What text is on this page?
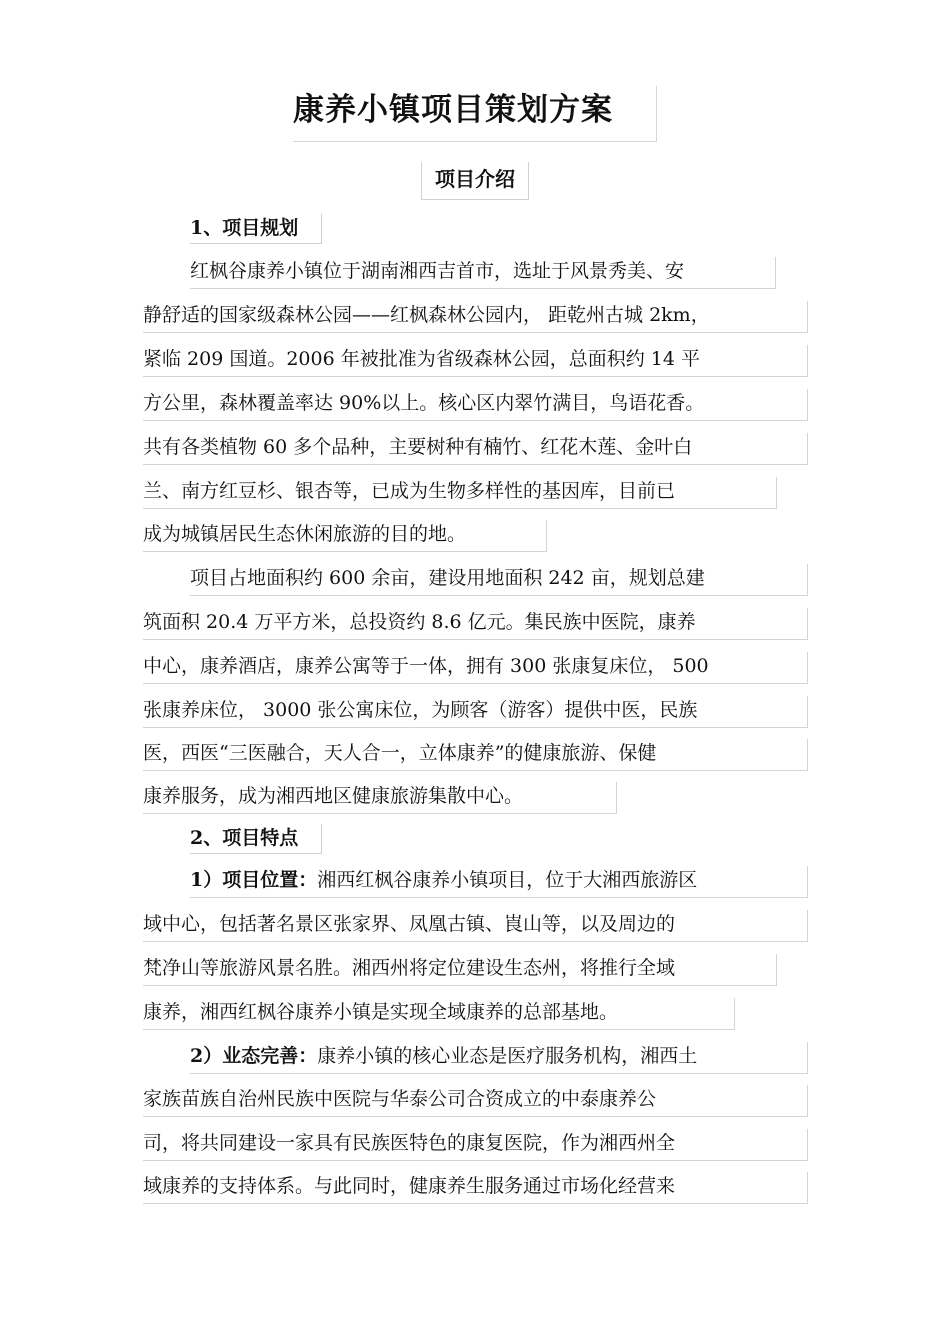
康养小镇项目策划方案
项目介绍
1、项目规划
红枫谷康养小镇位于湖南湘西吉首市，选址于风景秀美、安
静舒适的国家级森林公园——红枫森林公园内， 距乾州古城 2km，
紧临 209 国道。2006 年被批准为省级森林公园，总面积约 14 平
方公里，森林覆盖率达 90%以上。核心区内翠竹满目，鸟语花香。
共有各类植物 60 多个品种，主要树种有楠竹、红花木莲、金叶白
兰、南方红豆杉、银杏等，已成为生物多样性的基因库，目前已
成为城镇居民生态休闲旅游的目的地。
项目占地面积约 600 余亩，建设用地面积 242 亩，规划总建
筑面积 20.4 万平方米，总投资约 8.6 亿元。集民族中医院，康养
中心，康养酒店，康养公寓等于一体，拥有 300 张康复床位， 500
张康养床位， 3000 张公寓床位，为顾客（游客）提供中医，民族
医，西医“三医融合，天人合一，立体康养”的健康旅游、保健
康养服务，成为湘西地区健康旅游集散中心。
2、项目特点
1）项目位置：湘西红枫谷康养小镇项目，位于大湘西旅游区
域中心，包括著名景区张家界、凤凰古镇、崀山等，以及周边的
梵净山等旅游风景名胜。湘西州将定位建设生态州，将推行全域
康养，湘西红枫谷康养小镇是实现全域康养的总部基地。
2）业态完善：康养小镇的核心业态是医疗服务机构，湘西土
家族苗族自治州民族中医院与华泰公司合资成立的中泰康养公
司，将共同建设一家具有民族医特色的康复医院，作为湘西州全
域康养的支持体系。与此同时，健康养生服务通过市场化经营来
